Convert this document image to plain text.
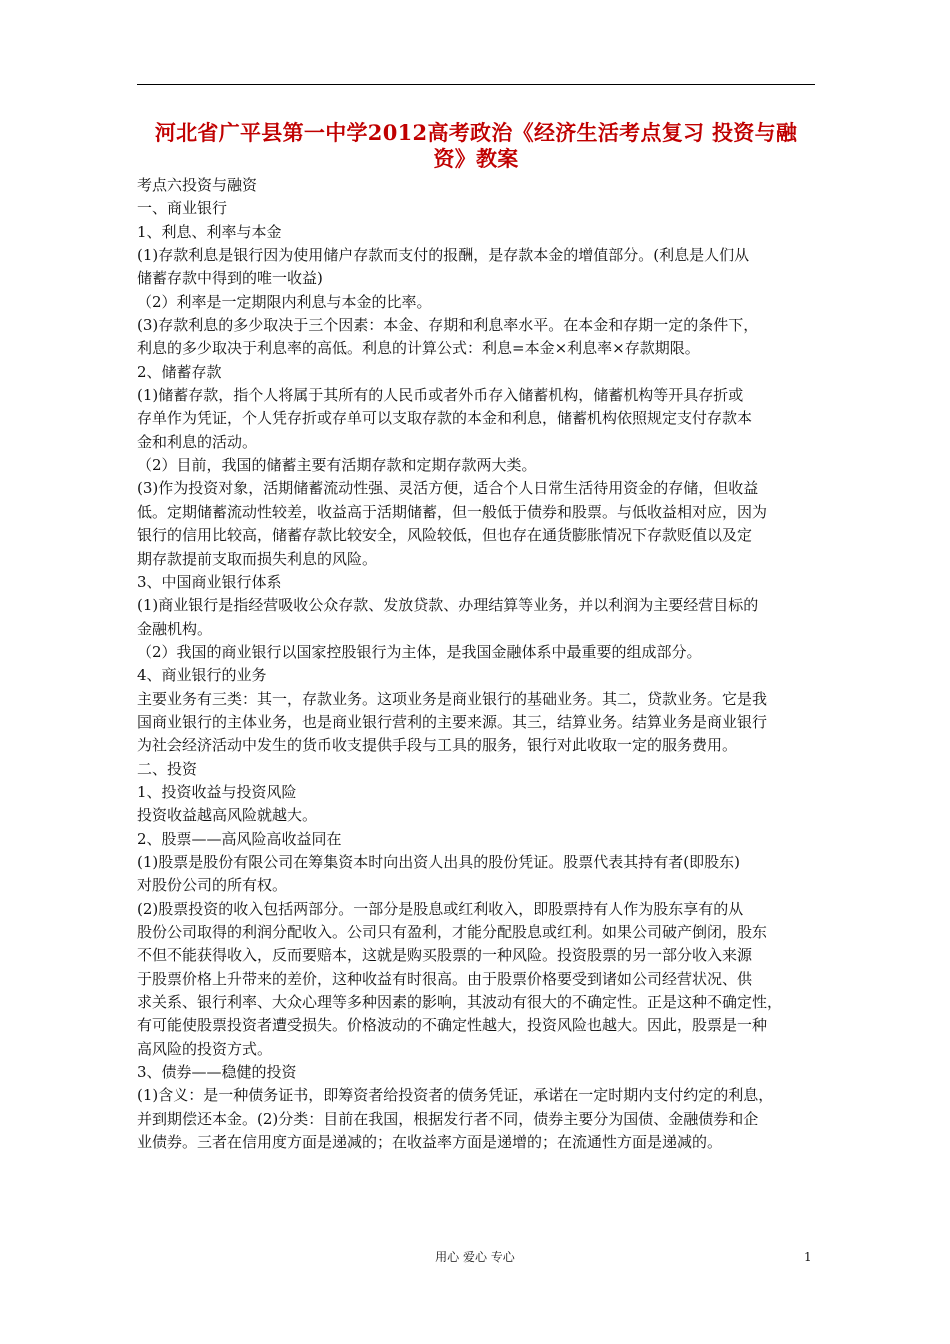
河北省广平县第一中学2012高考政治《经济生活考点复习 投资与融
资》教案

考点六投资与融资

一、商业银行

1、利息、利率与本金

(1)存款利息是银行因为使用储户存款而支付的报酬，是存款本金的增值部分。(利息是人们从

储蓄存款中得到的唯一收益)

（2）利率是一定期限内利息与本金的比率。

(3)存款利息的多少取决于三个因素：本金、存期和利息率水平。在本金和存期一定的条件下，

利息的多少取决于利息率的高低。利息的计算公式：利息=本金×利息率×存款期限。

2、储蓄存款

(1)储蓄存款，指个人将属于其所有的人民币或者外币存入储蓄机构，储蓄机构等开具存折或

存单作为凭证，个人凭存折或存单可以支取存款的本金和利息，储蓄机构依照规定支付存款本

金和利息的活动。

（2）目前，我国的储蓄主要有活期存款和定期存款两大类。

(3)作为投资对象，活期储蓄流动性强、灵活方便，适合个人日常生活待用资金的存储，但收益

低。定期储蓄流动性较差，收益高于活期储蓄，但一般低于债券和股票。与低收益相对应，因为

银行的信用比较高，储蓄存款比较安全，风险较低，但也存在通货膨胀情况下存款贬值以及定

期存款提前支取而损失利息的风险。

3、中国商业银行体系

(1)商业银行是指经营吸收公众存款、发放贷款、办理结算等业务，并以利润为主要经营目标的

金融机构。

（2）我国的商业银行以国家控股银行为主体，是我国金融体系中最重要的组成部分。

4、商业银行的业务

主要业务有三类：其一，存款业务。这项业务是商业银行的基础业务。其二，贷款业务。它是我

国商业银行的主体业务，也是商业银行营利的主要来源。其三，结算业务。结算业务是商业银行

为社会经济活动中发生的货币收支提供手段与工具的服务，银行对此收取一定的服务费用。

二、投资

1、投资收益与投资风险

投资收益越高风险就越大。

2、股票——高风险高收益同在

(1)股票是股份有限公司在筹集资本时向出资人出具的股份凭证。股票代表其持有者(即股东)

对股份公司的所有权。

(2)股票投资的收入包括两部分。一部分是股息或红利收入，即股票持有人作为股东享有的从

股份公司取得的利润分配收入。公司只有盈利，才能分配股息或红利。如果公司破产倒闭，股东

不但不能获得收入，反而要赔本，这就是购买股票的一种风险。投资股票的另一部分收入来源

于股票价格上升带来的差价，这种收益有时很高。由于股票价格要受到诸如公司经营状况、供

求关系、银行利率、大众心理等多种因素的影响，其波动有很大的不确定性。正是这种不确定性，

有可能使股票投资者遭受损失。价格波动的不确定性越大，投资风险也越大。因此，股票是一种

高风险的投资方式。

3、债券——稳健的投资

(1)含义：是一种债务证书，即筹资者给投资者的债务凭证，承诺在一定时期内支付约定的利息，

并到期偿还本金。(2)分类：目前在我国，根据发行者不同，债券主要分为国债、金融债券和企

业债券。三者在信用度方面是递减的；在收益率方面是递增的；在流通性方面是递减的。

用心 爱心 专心	1
